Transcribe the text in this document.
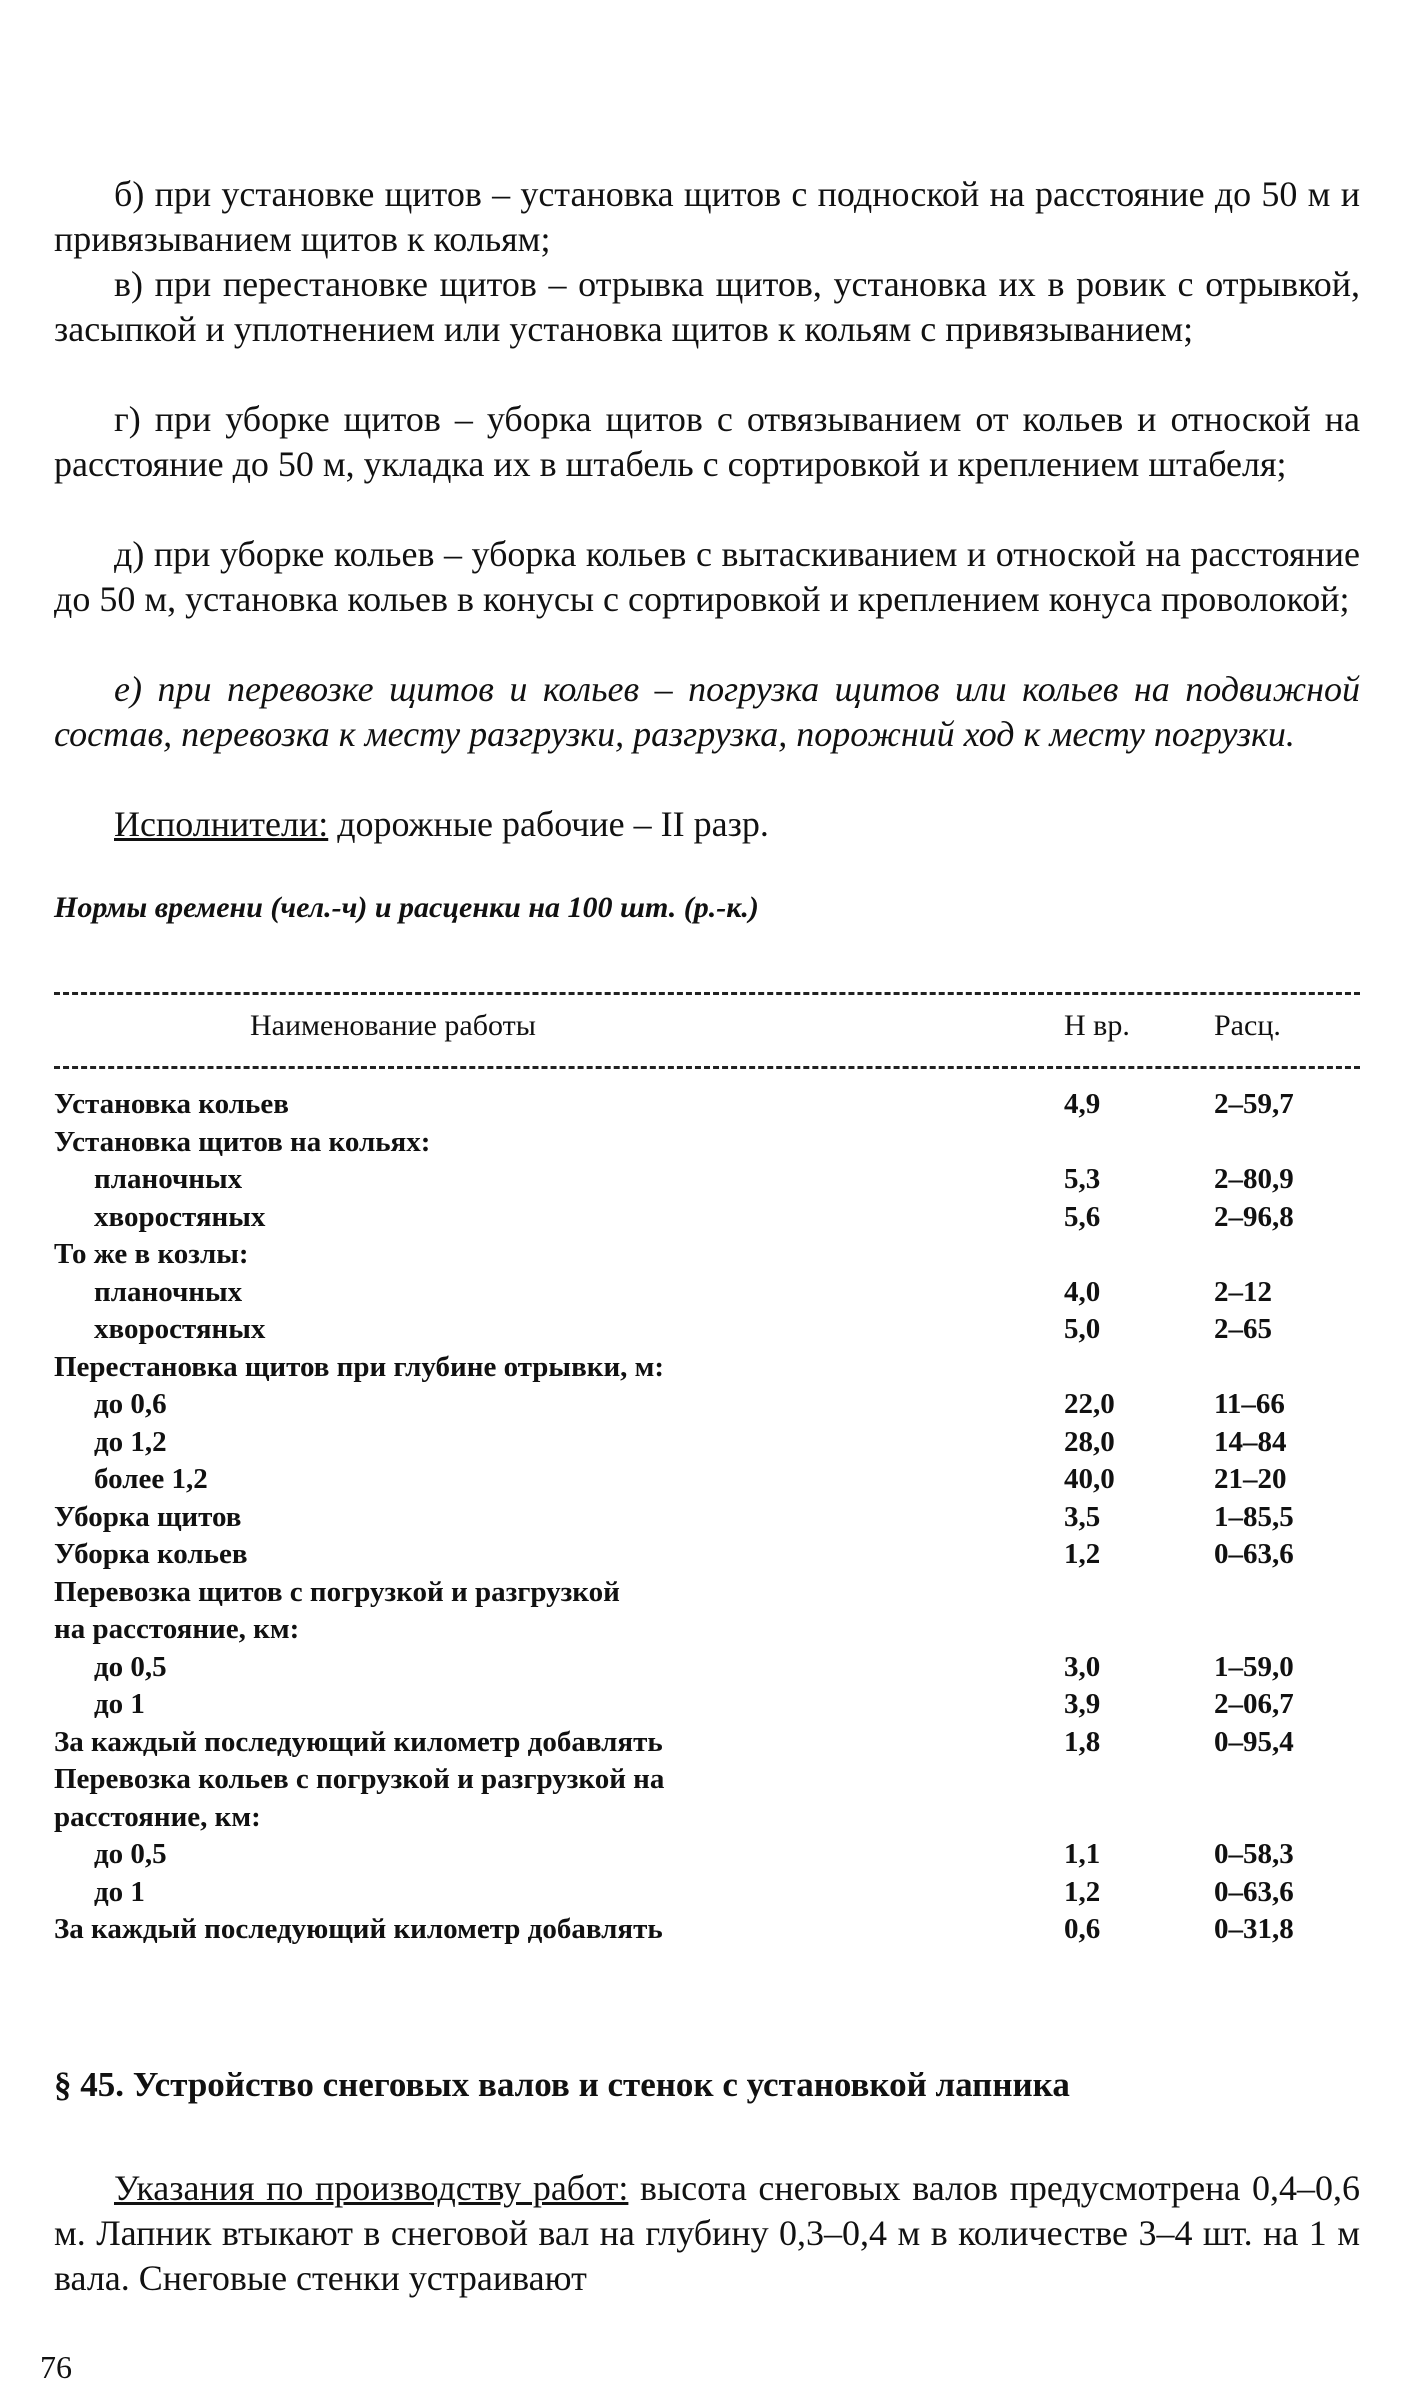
б) при установке щитов – установка щитов с подноской на расстояние до 50 м и привязыванием щитов к кольям;

в) при перестановке щитов – отрывка щитов, установка их в ровик с отрывкой, засыпкой и уплотнением или установка щитов к кольям с привязыванием;

г) при уборке щитов – уборка щитов с отвязыванием от кольев и отноской на расстояние до 50 м, укладка их в штабель с сортировкой и креплением штабеля;

д) при уборке кольев – уборка кольев с вытаскиванием и отноской на расстояние до 50 м, установка кольев в конусы с сортировкой и креплением конуса проволокой;

е) при перевозке щитов и кольев – погрузка щитов или кольев на подвижной состав, перевозка к месту разгрузки, разгрузка, порожний ход к месту погрузки.

Исполнители: дорожные рабочие – II разр.

Нормы времени (чел.-ч) и расценки на 100 шт. (р.-к.)
Наименование работы	Н вр.	Расц.
Установка кольев	4,9	2–59,7
Установка щитов на кольях:
планочных	5,3	2–80,9
хворостяных	5,6	2–96,8
То же в козлы:
планочных	4,0	2–12
хворостяных	5,0	2–65
Перестановка щитов при глубине отрывки, м:
до 0,6	22,0	11–66
до 1,2	28,0	14–84
более 1,2	40,0	21–20
Уборка щитов	3,5	1–85,5
Уборка кольев	1,2	0–63,6
Перевозка щитов с погрузкой и разгрузкой
на расстояние, км:
до 0,5	3,0	1–59,0
до 1	3,9	2–06,7
За каждый последующий километр добавлять	1,8	0–95,4
Перевозка кольев с погрузкой и разгрузкой на
расстояние, км:
до 0,5	1,1	0–58,3
до 1	1,2	0–63,6
За каждый последующий километр добавлять	0,6	0–31,8
§ 45. Устройство снеговых валов и стенок с установкой лапника

Указания по производству работ: высота снеговых валов предусмотрена 0,4–0,6 м. Лапник втыкают в снеговой вал на глубину 0,3–0,4 м в количестве 3–4 шт. на 1 м вала. Снеговые стенки устраивают

76
